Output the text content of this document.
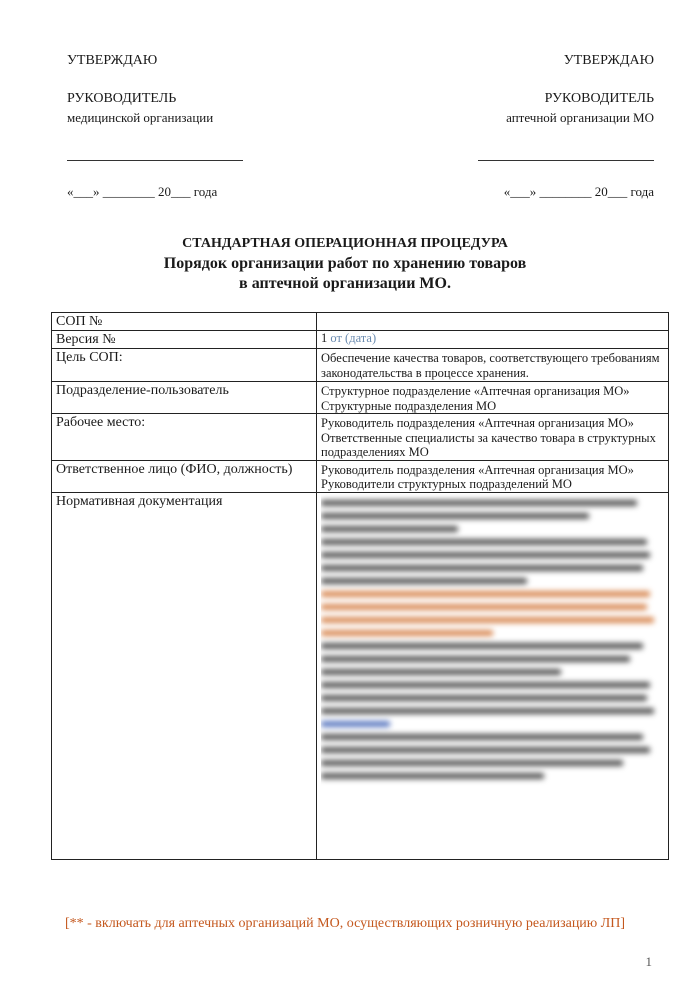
УТВЕРЖДАЮ
РУКОВОДИТЕЛЬ
медицинской организации
«___» ________ 20___ года
УТВЕРЖДАЮ
РУКОВОДИТЕЛЬ
аптечной организации МО
«___» ________ 20___ года
СТАНДАРТНАЯ ОПЕРАЦИОННАЯ ПРОЦЕДУРА
Порядок организации работ по хранению товаров
в аптечной организации МО.
СОП №	
Версия №	1 от (дата)
Цель СОП:	Обеспечение качества товаров, соответствующего требованиям законодательства в процессе хранения.
Подразделение-пользователь	Структурное подразделение «Аптечная организация МО»
Структурные подразделения МО

Рабочее место:	Руководитель подразделения «Аптечная организация МО»
Ответственные специалисты за качество товара в структурных подразделениях МО

Ответственное лицо (ФИО, должность)	Руководитель подразделения «Аптечная организация МО»
Руководители структурных подразделений МО

Нормативная документация	
[** - включать для аптечных организаций МО, осуществляющих розничную реализацию ЛП]
1
